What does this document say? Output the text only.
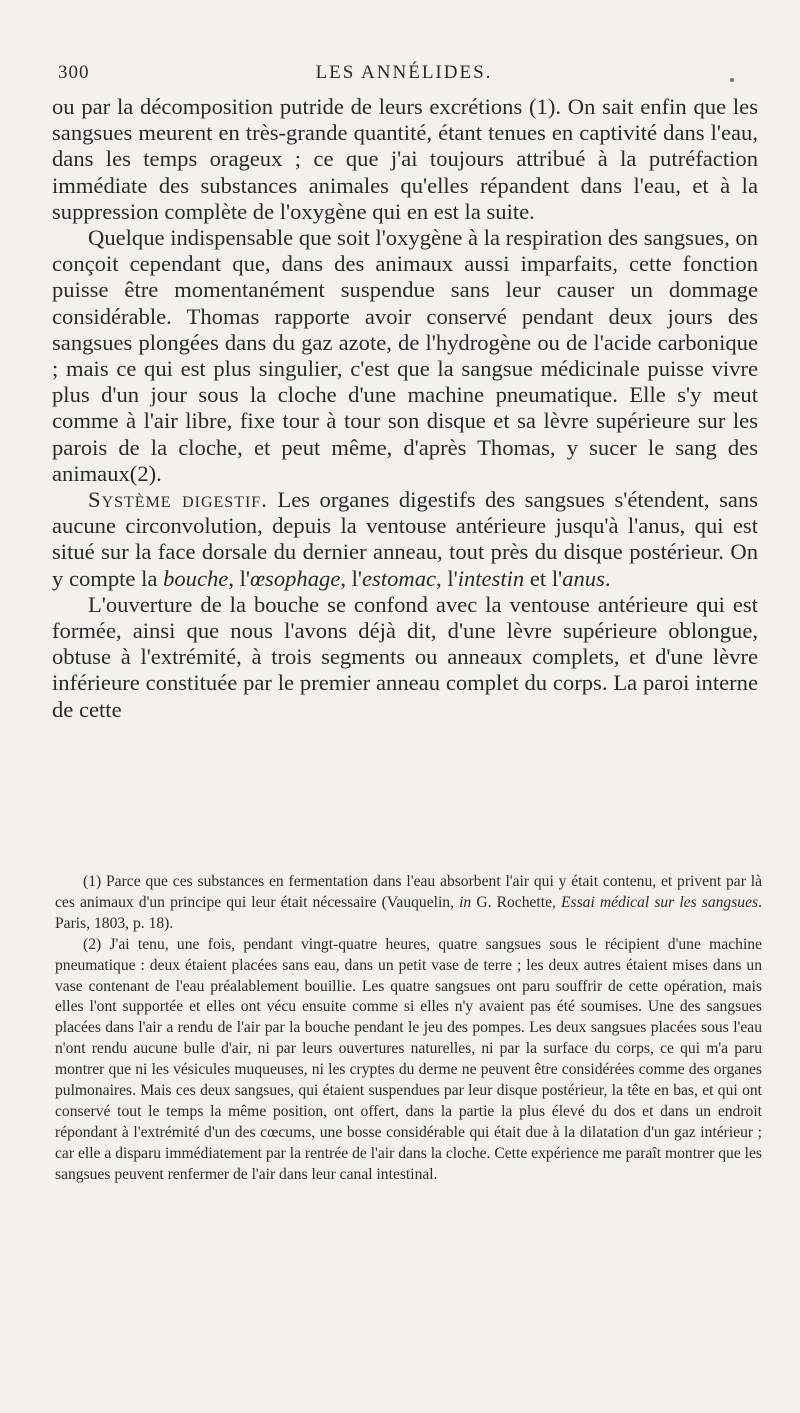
300	LES ANNÉLIDES.

ou par la décomposition putride de leurs excrétions (1). On sait enfin que les sangsues meurent en très-grande quantité, étant tenues en captivité dans l'eau, dans les temps orageux ; ce que j'ai toujours attribué à la putréfaction immédiate des substances animales qu'elles répandent dans l'eau, et à la suppression complète de l'oxygène qui en est la suite.

Quelque indispensable que soit l'oxygène à la respiration des sangsues, on conçoit cependant que, dans des animaux aussi imparfaits, cette fonction puisse être momentanément suspendue sans leur causer un dommage considérable. Thomas rapporte avoir conservé pendant deux jours des sangsues plongées dans du gaz azote, de l'hydrogène ou de l'acide carbonique ; mais ce qui est plus singulier, c'est que la sangsue médicinale puisse vivre plus d'un jour sous la cloche d'une machine pneumatique. Elle s'y meut comme à l'air libre, fixe tour à tour son disque et sa lèvre supérieure sur les parois de la cloche, et peut même, d'après Thomas, y sucer le sang des animaux(2).

Système digestif. Les organes digestifs des sangsues s'étendent, sans aucune circonvolution, depuis la ventouse antérieure jusqu'à l'anus, qui est situé sur la face dorsale du dernier anneau, tout près du disque postérieur. On y compte la bouche, l'œsophage, l'estomac, l'intestin et l'anus.

L'ouverture de la bouche se confond avec la ventouse antérieure qui est formée, ainsi que nous l'avons déjà dit, d'une lèvre supérieure oblongue, obtuse à l'extrémité, à trois segments ou anneaux complets, et d'une lèvre inférieure constituée par le premier anneau complet du corps. La paroi interne de cette

(1) Parce que ces substances en fermentation dans l'eau absorbent l'air qui y était contenu, et privent par là ces animaux d'un principe qui leur était nécessaire (Vauquelin, in G. Rochette, Essai médical sur les sangsues. Paris, 1803, p. 18).

(2) J'ai tenu, une fois, pendant vingt-quatre heures, quatre sangsues sous le récipient d'une machine pneumatique : deux étaient placées sans eau, dans un petit vase de terre ; les deux autres étaient mises dans un vase contenant de l'eau préalablement bouillie. Les quatre sangsues ont paru souffrir de cette opération, mais elles l'ont supportée et elles ont vécu ensuite comme si elles n'y avaient pas été soumises. Une des sangsues placées dans l'air a rendu de l'air par la bouche pendant le jeu des pompes. Les deux sangsues placées sous l'eau n'ont rendu aucune bulle d'air, ni par leurs ouvertures naturelles, ni par la surface du corps, ce qui m'a paru montrer que ni les vésicules muqueuses, ni les cryptes du derme ne peuvent être considérées comme des organes pulmonaires. Mais ces deux sangsues, qui étaient suspendues par leur disque postérieur, la tête en bas, et qui ont conservé tout le temps la même position, ont offert, dans la partie la plus élevé du dos et dans un endroit répondant à l'extrémité d'un des cœcums, une bosse considérable qui était due à la dilatation d'un gaz intérieur ; car elle a disparu immédiatement par la rentrée de l'air dans la cloche. Cette expérience me paraît montrer que les sangsues peuvent renfermer de l'air dans leur canal intestinal.
